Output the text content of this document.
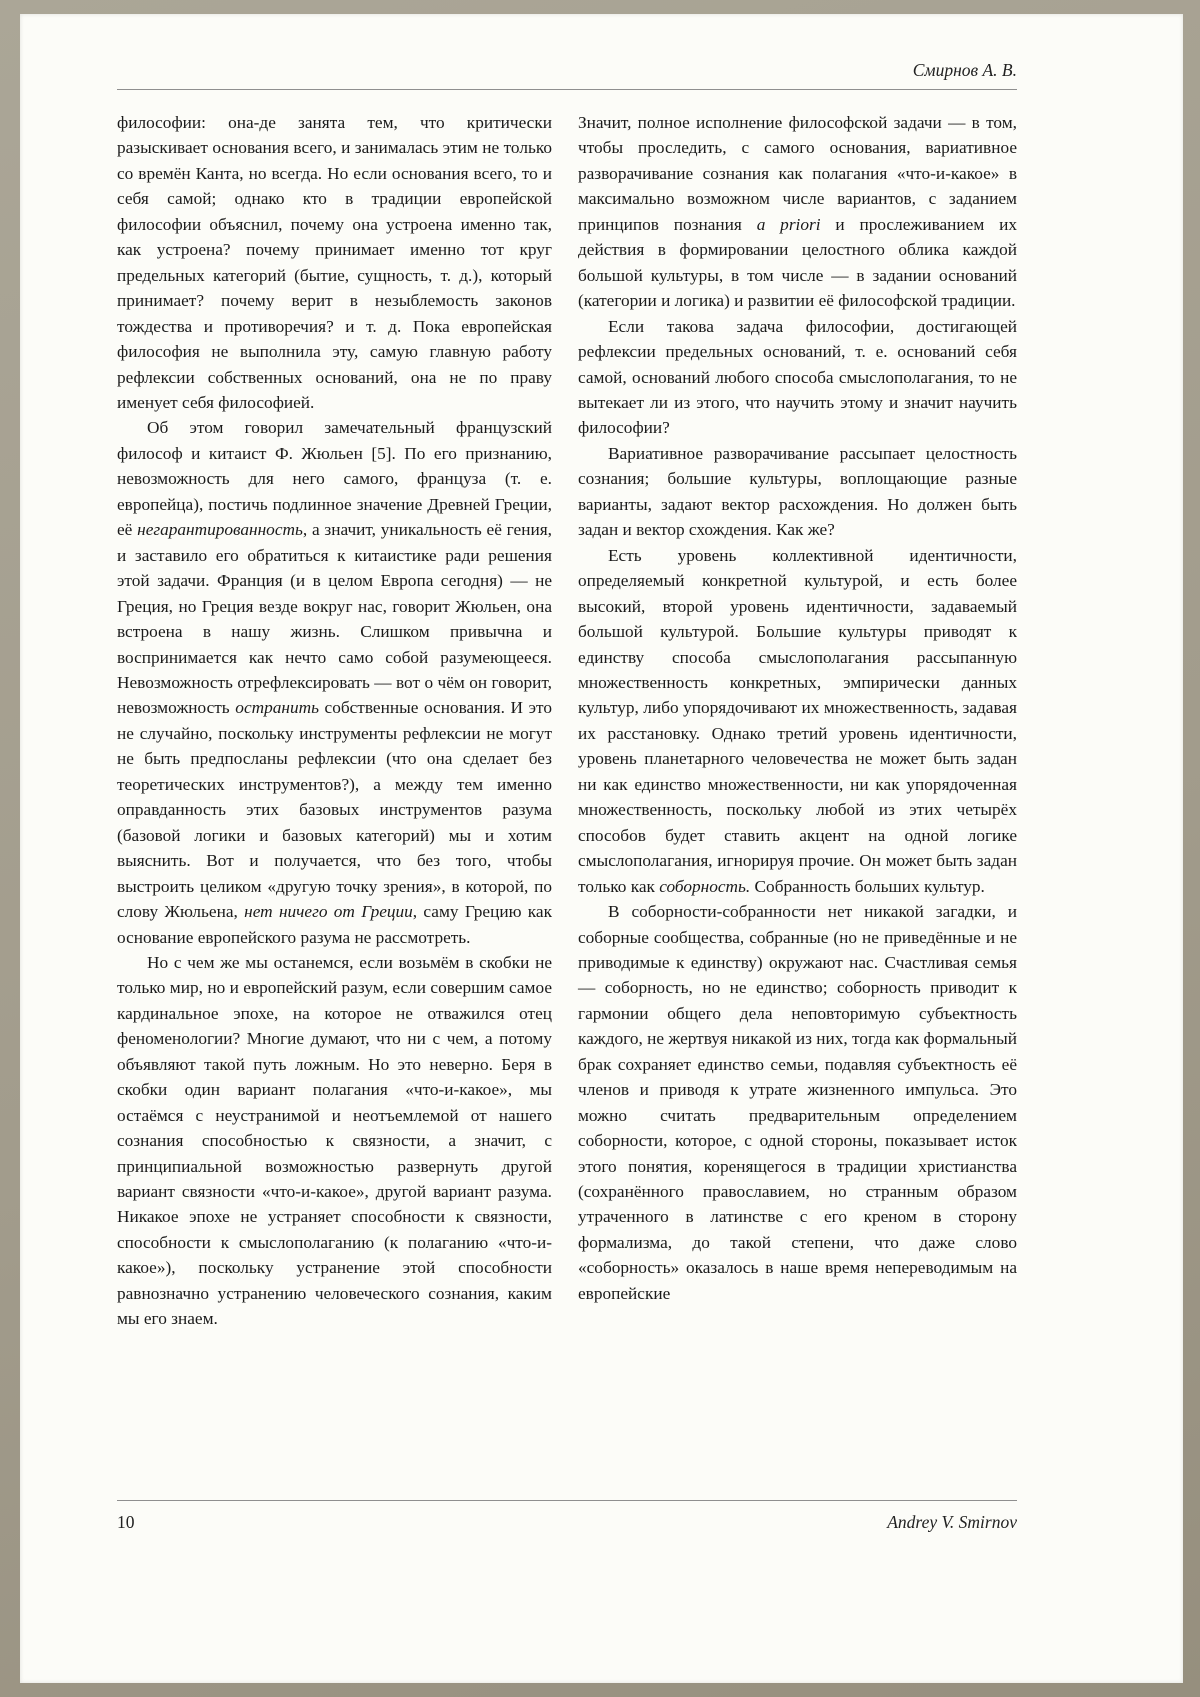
Смирнов А. В.

философии: она-де занята тем, что критически разыскивает основания всего, и занималась этим не только со времён Канта, но всегда. Но если основания всего, то и себя самой; однако кто в традиции европейской философии объяснил, почему она устроена именно так, как устроена? почему принимает именно тот круг предельных категорий (бытие, сущность, т. д.), который принимает? почему верит в незыблемость законов тождества и противоречия? и т. д. Пока европейская философия не выполнила эту, самую главную работу рефлексии собственных оснований, она не по праву именует себя философией.

Об этом говорил замечательный французский философ и китаист Ф. Жюльен [5]. По его признанию, невозможность для него самого, француза (т. е. европейца), постичь подлинное значение Древней Греции, её негарантированность, а значит, уникальность её гения, и заставило его обратиться к китаистике ради решения этой задачи. Франция (и в целом Европа сегодня) — не Греция, но Греция везде вокруг нас, говорит Жюльен, она встроена в нашу жизнь. Слишком привычна и воспринимается как нечто само собой разумеющееся. Невозможность отрефлексировать — вот о чём он говорит, невозможность остранить собственные основания. И это не случайно, поскольку инструменты рефлексии не могут не быть предпосланы рефлексии (что она сделает без теоретических инструментов?), а между тем именно оправданность этих базовых инструментов разума (базовой логики и базовых категорий) мы и хотим выяснить. Вот и получается, что без того, чтобы выстроить целиком «другую точку зрения», в которой, по слову Жюльена, нет ничего от Греции, саму Грецию как основание европейского разума не рассмотреть.

Но с чем же мы останемся, если возьмём в скобки не только мир, но и европейский разум, если совершим самое кардинальное эпохе, на которое не отважился отец феноменологии? Многие думают, что ни с чем, а потому объявляют такой путь ложным. Но это неверно. Беря в скобки один вариант полагания «что-и-какое», мы остаёмся с неустранимой и неотъемлемой от нашего сознания способностью к связности, а значит, с принципиальной возможностью развернуть другой вариант связности «что-и-какое», другой вариант разума. Никакое эпохе не устраняет способности к связности, способности к смыслополаганию (к полаганию «что-и-какое»), поскольку устранение этой способности равнозначно устранению человеческого сознания, каким мы его знаем.

Значит, полное исполнение философской задачи — в том, чтобы проследить, с самого основания, вариативное разворачивание сознания как полагания «что-и-какое» в максимально возможном числе вариантов, с заданием принципов познания a priori и прослеживанием их действия в формировании целостного облика каждой большой культуры, в том числе — в задании оснований (категории и логика) и развитии её философской традиции.

Если такова задача философии, достигающей рефлексии предельных оснований, т. е. оснований себя самой, оснований любого способа смыслополагания, то не вытекает ли из этого, что научить этому и значит научить философии?

Вариативное разворачивание рассыпает целостность сознания; большие культуры, воплощающие разные варианты, задают вектор расхождения. Но должен быть задан и вектор схождения. Как же?

Есть уровень коллективной идентичности, определяемый конкретной культурой, и есть более высокий, второй уровень идентичности, задаваемый большой культурой. Большие культуры приводят к единству способа смыслополагания рассыпанную множественность конкретных, эмпирически данных культур, либо упорядочивают их множественность, задавая их расстановку. Однако третий уровень идентичности, уровень планетарного человечества не может быть задан ни как единство множественности, ни как упорядоченная множественность, поскольку любой из этих четырёх способов будет ставить акцент на одной логике смыслополагания, игнорируя прочие. Он может быть задан только как соборность. Собранность больших культур.

В соборности-собранности нет никакой загадки, и соборные сообщества, собранные (но не приведённые и не приводимые к единству) окружают нас. Счастливая семья — соборность, но не единство; соборность приводит к гармонии общего дела неповторимую субъектность каждого, не жертвуя никакой из них, тогда как формальный брак сохраняет единство семьи, подавляя субъектность её членов и приводя к утрате жизненного импульса. Это можно считать предварительным определением соборности, которое, с одной стороны, показывает исток этого понятия, коренящегося в традиции христианства (сохранённого православием, но странным образом утраченного в латинстве с его креном в сторону формализма, до такой степени, что даже слово «соборность» оказалось в наше время непереводимым на европейские

10	Andrey V. Smirnov
